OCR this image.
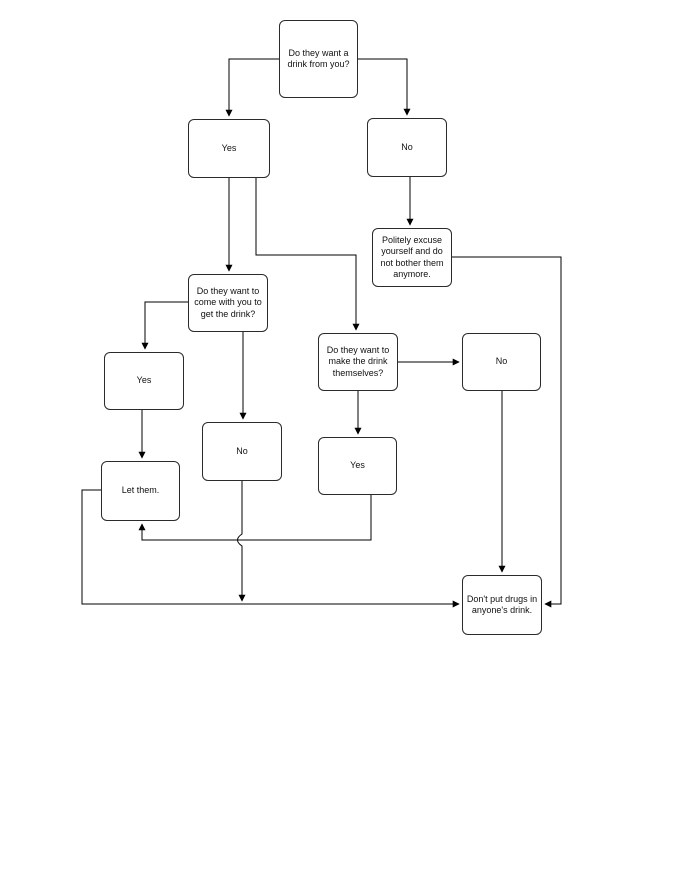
Do they want a drink from you?
Yes	No
Politely excuse yourself and do not bother them anymore.
Do they want to come with you to get the drink?
Do they want to make the drink themselves?
No
Yes
No
Yes
Let them.
Don't put drugs in anyone's drink.
